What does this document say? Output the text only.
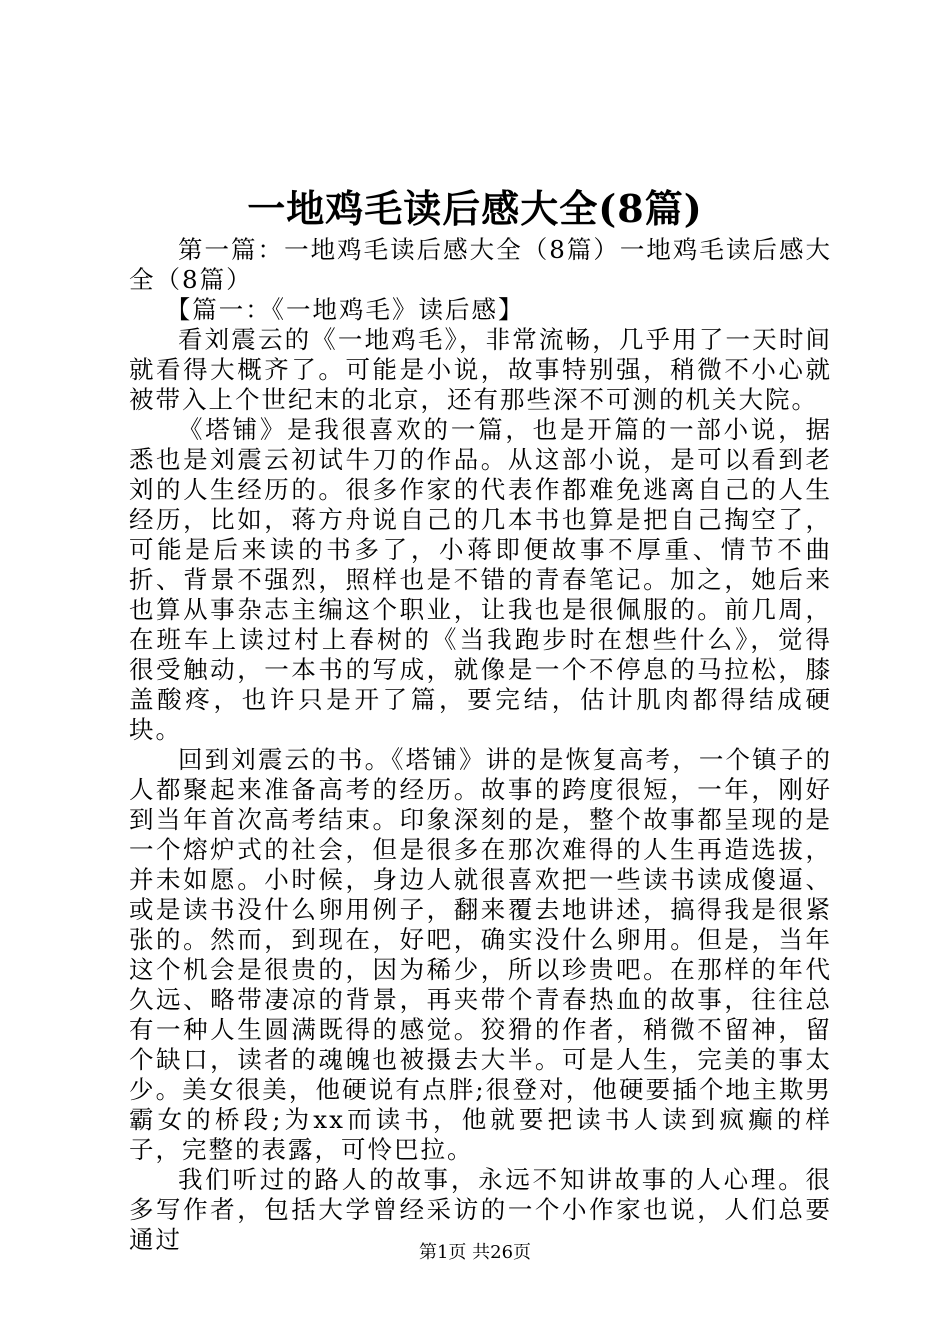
一地鸡毛读后感大全(8篇)

第一篇：一地鸡毛读后感大全（8篇）一地鸡毛读后感大全（8篇）

【篇一：《一地鸡毛》读后感】

看刘震云的《一地鸡毛》，非常流畅，几乎用了一天时间就看得大概齐了。可能是小说，故事特别强，稍微不小心就被带入上个世纪末的北京，还有那些深不可测的机关大院。

《塔铺》是我很喜欢的一篇，也是开篇的一部小说，据悉也是刘震云初试牛刀的作品。从这部小说，是可以看到老刘的人生经历的。很多作家的代表作都难免逃离自己的人生经历，比如，蒋方舟说自己的几本书也算是把自己掏空了，可能是后来读的书多了，小蒋即便故事不厚重、情节不曲折、背景不强烈，照样也是不错的青春笔记。加之，她后来也算从事杂志主编这个职业，让我也是很佩服的。前几周，在班车上读过村上春树的《当我跑步时在想些什么》，觉得很受触动，一本书的写成，就像是一个不停息的马拉松，膝盖酸疼，也许只是开了篇，要完结，估计肌肉都得结成硬块。

回到刘震云的书。《塔铺》讲的是恢复高考，一个镇子的人都聚起来准备高考的经历。故事的跨度很短，一年，刚好到当年首次高考结束。印象深刻的是，整个故事都呈现的是一个熔炉式的社会，但是很多在那次难得的人生再造选拔，并未如愿。小时候，身边人就很喜欢把一些读书读成傻逼、或是读书没什么卵用例子，翻来覆去地讲述，搞得我是很紧张的。然而，到现在，好吧，确实没什么卵用。但是，当年这个机会是很贵的，因为稀少，所以珍贵吧。在那样的年代久远、略带凄凉的背景，再夹带个青春热血的故事，往往总有一种人生圆满既得的感觉。狡猾的作者，稍微不留神，留个缺口，读者的魂魄也被摄去大半。可是人生，完美的事太少。美女很美，他硬说有点胖;很登对，他硬要插个地主欺男霸女的桥段;为xx而读书，他就要把读书人读到疯癫的样子，完整的表露，可怜巴拉。

我们听过的路人的故事，永远不知讲故事的人心理。很多写作者，包括大学曾经采访的一个小作家也说，人们总要通过	第1页 共26页
